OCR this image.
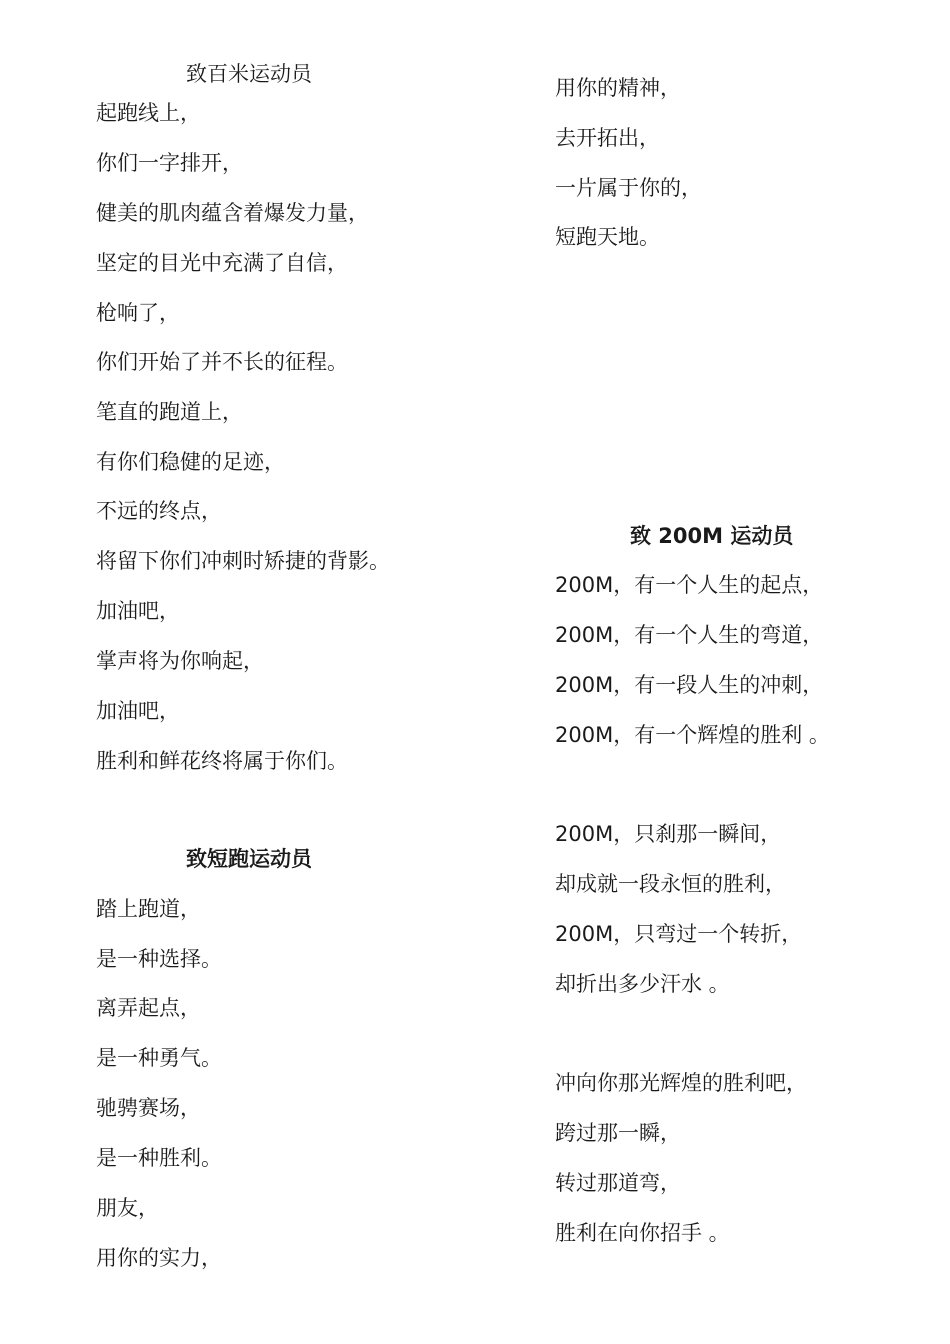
致百米运动员
起跑线上，
你们一字排开，
健美的肌肉蕴含着爆发力量，
坚定的目光中充满了自信，
枪响了，
你们开始了并不长的征程。
笔直的跑道上，
有你们稳健的足迹，
不远的终点，
将留下你们冲刺时矫捷的背影。
加油吧，
掌声将为你响起，
加油吧，
胜利和鲜花终将属于你们。
致短跑运动员
踏上跑道，
是一种选择。
离弄起点，
是一种勇气。
驰骋赛场，
是一种胜利。
朋友，
用你的实力，
用你的精神，
去开拓出，
一片属于你的，
短跑天地。
致 200M 运动员
200M，有一个人生的起点，
200M，有一个人生的弯道，
200M，有一段人生的冲刺，
200M，有一个辉煌的胜利 。
200M，只刹那一瞬间，
却成就一段永恒的胜利，
200M，只弯过一个转折，
却折出多少汗水 。
冲向你那光辉煌的胜利吧，
跨过那一瞬，
转过那道弯，
胜利在向你招手 。
